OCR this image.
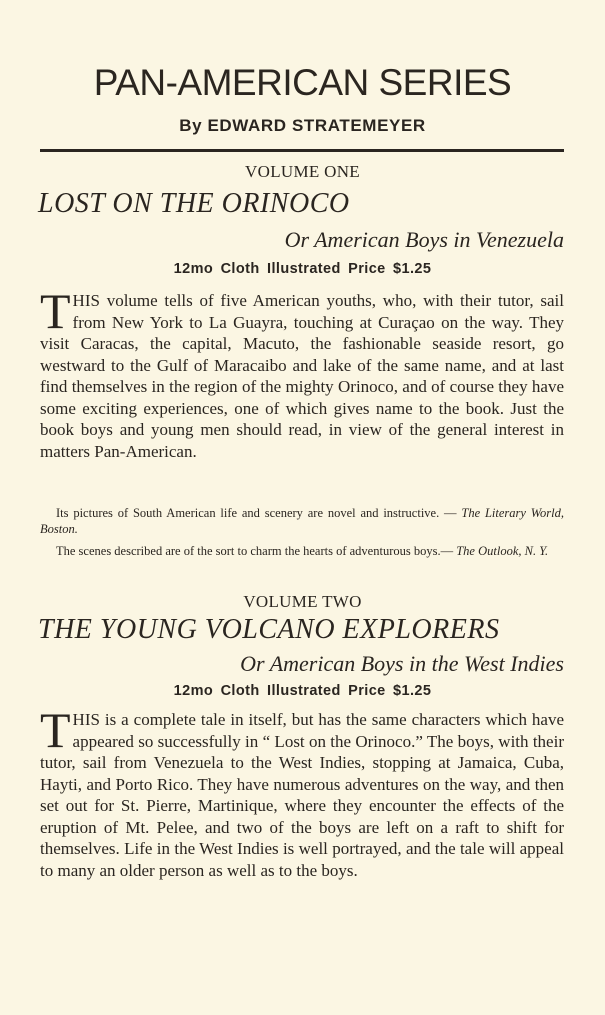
PAN-AMERICAN SERIES
By EDWARD STRATEMEYER
VOLUME ONE
LOST ON THE ORINOCO
Or American Boys in Venezuela
12mo Cloth Illustrated Price $1.25
THIS volume tells of five American youths, who, with their tutor, sail from New York to La Guayra, touching at Curaçao on the way. They visit Caracas, the capital, Macuto, the fashionable seaside resort, go westward to the Gulf of Maracaibo and lake of the same name, and at last find themselves in the region of the mighty Orinoco, and of course they have some exciting experiences, one of which gives name to the book. Just the book boys and young men should read, in view of the general interest in matters Pan-American.
Its pictures of South American life and scenery are novel and instructive. — The Literary World, Boston.
The scenes described are of the sort to charm the hearts of adventurous boys.— The Outlook, N. Y.
VOLUME TWO
THE YOUNG VOLCANO EXPLORERS
Or American Boys in the West Indies
12mo Cloth Illustrated Price $1.25
THIS is a complete tale in itself, but has the same characters which have appeared so successfully in “ Lost on the Orinoco.” The boys, with their tutor, sail from Venezuela to the West Indies, stopping at Jamaica, Cuba, Hayti, and Porto Rico. They have numerous adventures on the way, and then set out for St. Pierre, Martinique, where they encounter the effects of the eruption of Mt. Pelee, and two of the boys are left on a raft to shift for themselves. Life in the West Indies is well portrayed, and the tale will appeal to many an older person as well as to the boys.
